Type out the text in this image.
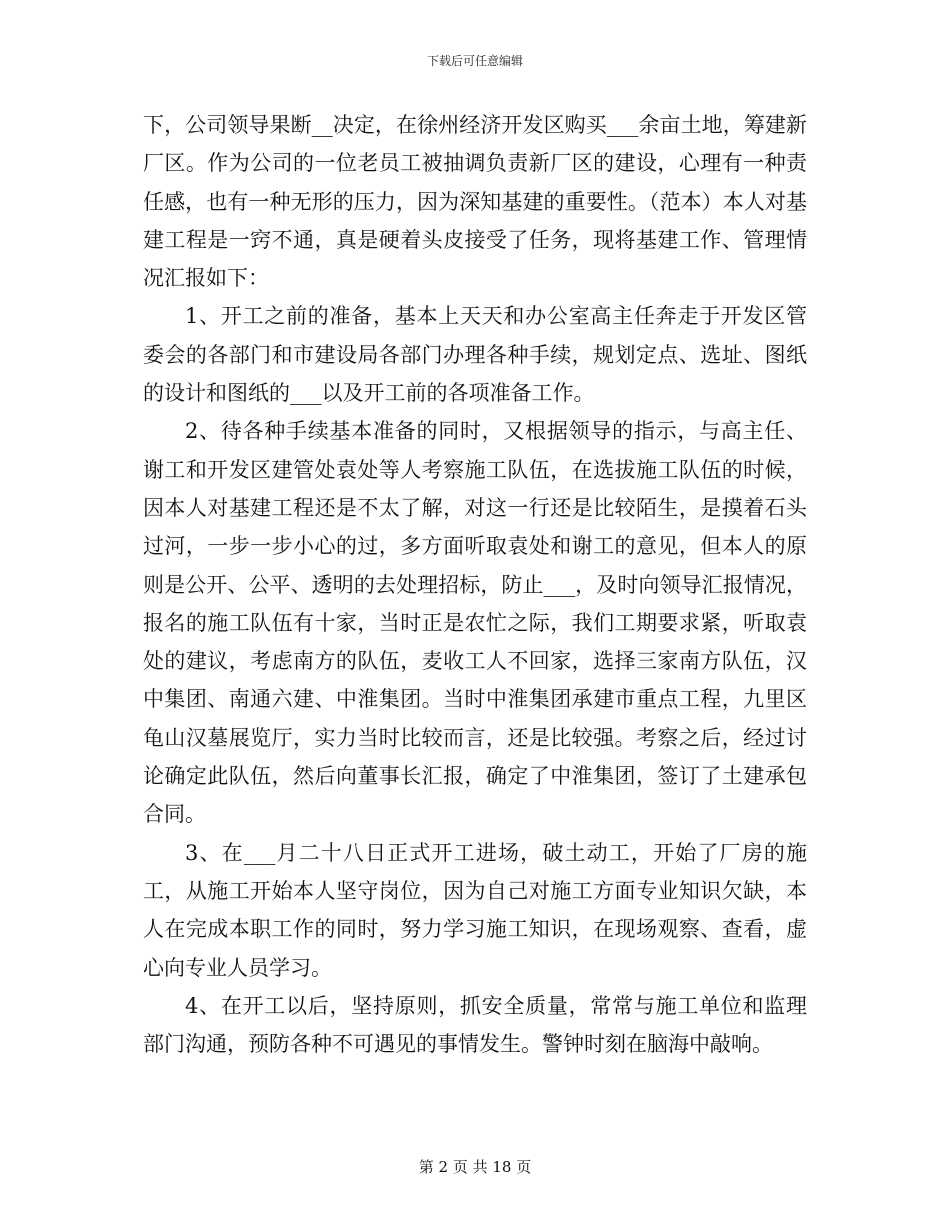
下载后可任意编辑

下，公司领导果断__决定，在徐州经济开发区购买___余亩土地，筹建新厂区。作为公司的一位老员工被抽调负责新厂区的建设，心理有一种责任感，也有一种无形的压力，因为深知基建的重要性。（范本）本人对基建工程是一窍不通，真是硬着头皮接受了任务，现将基建工作、管理情况汇报如下：

1、开工之前的准备，基本上天天和办公室高主任奔走于开发区管委会的各部门和市建设局各部门办理各种手续，规划定点、选址、图纸的设计和图纸的___以及开工前的各项准备工作。

2、待各种手续基本准备的同时，又根据领导的指示，与高主任、谢工和开发区建管处袁处等人考察施工队伍，在选拔施工队伍的时候，因本人对基建工程还是不太了解，对这一行还是比较陌生，是摸着石头过河，一步一步小心的过，多方面听取袁处和谢工的意见，但本人的原则是公开、公平、透明的去处理招标，防止___，及时向领导汇报情况，报名的施工队伍有十家，当时正是农忙之际，我们工期要求紧，听取袁处的建议，考虑南方的队伍，麦收工人不回家，选择三家南方队伍，汉中集团、南通六建、中淮集团。当时中淮集团承建市重点工程，九里区龟山汉墓展览厅，实力当时比较而言，还是比较强。考察之后，经过讨论确定此队伍，然后向董事长汇报，确定了中淮集团，签订了土建承包合同。

3、在___月二十八日正式开工进场，破土动工，开始了厂房的施工，从施工开始本人坚守岗位，因为自己对施工方面专业知识欠缺，本人在完成本职工作的同时，努力学习施工知识，在现场观察、查看，虚心向专业人员学习。

4、在开工以后，坚持原则，抓安全质量，常常与施工单位和监理部门沟通，预防各种不可遇见的事情发生。警钟时刻在脑海中敲响。

第 2 页 共 18 页
